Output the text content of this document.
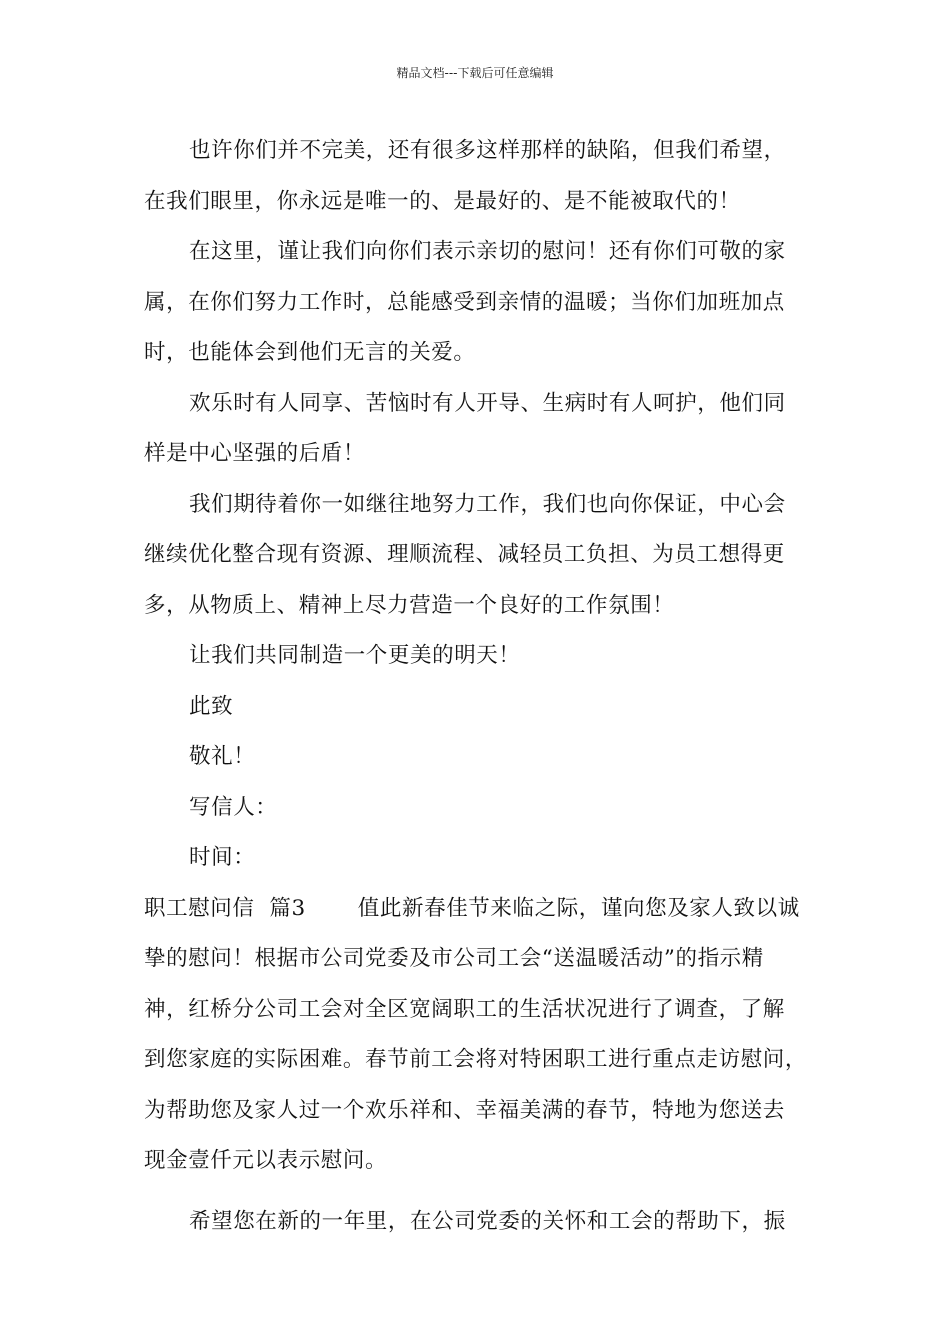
精品文档---下载后可任意编辑

也许你们并不完美，还有很多这样那样的缺陷，但我们希望，

在我们眼里，你永远是唯一的、是最好的、是不能被取代的！

在这里，谨让我们向你们表示亲切的慰问！还有你们可敬的家

属，在你们努力工作时，总能感受到亲情的温暖；当你们加班加点

时，也能体会到他们无言的关爱。

欢乐时有人同享、苦恼时有人开导、生病时有人呵护，他们同

样是中心坚强的后盾！

我们期待着你一如继往地努力工作，我们也向你保证，中心会

继续优化整合现有资源、理顺流程、减轻员工负担、为员工想得更

多，从物质上、精神上尽力营造一个良好的工作氛围！

让我们共同制造一个更美的明天！

此致

敬礼！

写信人：

时间：

职工慰问信  篇3       值此新春佳节来临之际，谨向您及家人致以诚

挚的慰问！根据市公司党委及市公司工会“送温暖活动”的指示精

神，红桥分公司工会对全区宽阔职工的生活状况进行了调查，了解

到您家庭的实际困难。春节前工会将对特困职工进行重点走访慰问，

为帮助您及家人过一个欢乐祥和、幸福美满的春节，特地为您送去

现金壹仟元以表示慰问。

希望您在新的一年里，在公司党委的关怀和工会的帮助下，振
